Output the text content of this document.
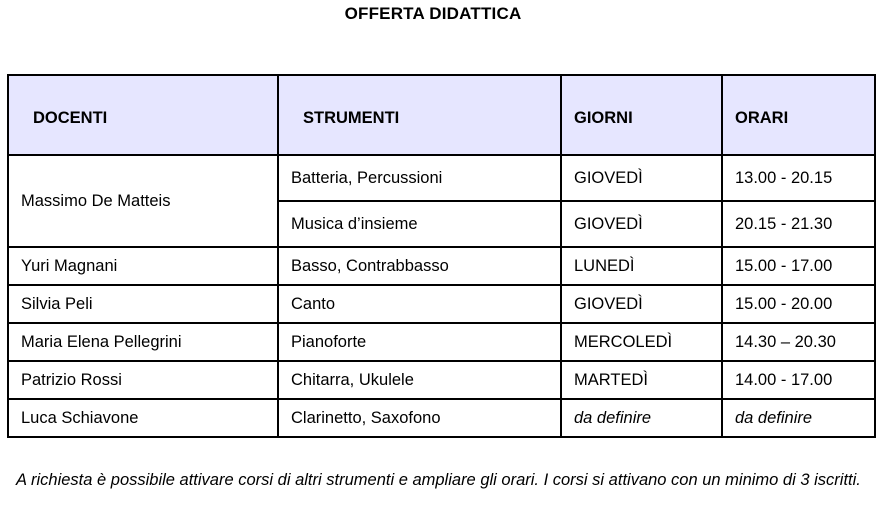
OFFERTA DIDATTICA
DOCENTI	STRUMENTI	GIORNI	ORARI
Massimo De Matteis	Batteria, Percussioni	GIOVEDÌ	13.00 - 20.15
	Musica d’insieme	GIOVEDÌ	20.15 - 21.30
Yuri Magnani	Basso, Contrabbasso	LUNEDÌ	15.00 - 17.00
Silvia Peli	Canto	GIOVEDÌ	15.00 - 20.00
Maria Elena Pellegrini	Pianoforte	MERCOLEDÌ	14.30 – 20.30
Patrizio Rossi	Chitarra, Ukulele	MARTEDÌ	14.00 - 17.00
Luca Schiavone	Clarinetto, Saxofono	da definire	da definire
A richiesta è possibile attivare corsi di altri strumenti e ampliare gli orari. I corsi si attivano con un minimo di 3 iscritti.
